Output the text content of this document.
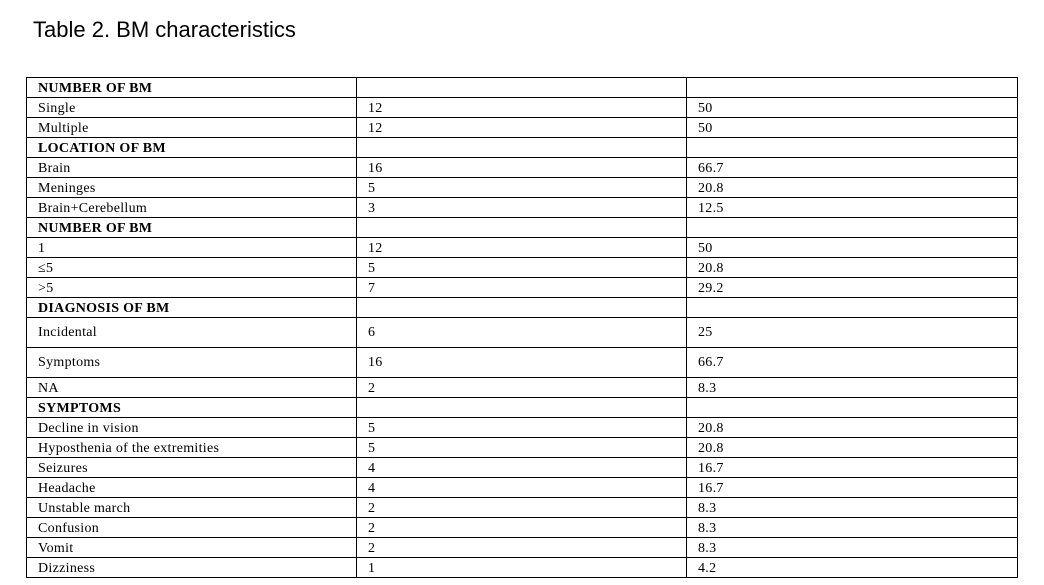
Table 2. BM characteristics
NUMBER OF BM		
Single	12	50
Multiple	12	50
LOCATION OF BM		
Brain	16	66.7
Meninges	5	20.8
Brain+Cerebellum	3	12.5
NUMBER OF BM		
1	12	50
≤5	5	20.8
>5	7	29.2
DIAGNOSIS OF BM		
Incidental	6	25
Symptoms	16	66.7
NA	2	8.3
SYMPTOMS		
Decline in vision	5	20.8
Hyposthenia of the extremities	5	20.8
Seizures	4	16.7
Headache	4	16.7
Unstable march	2	8.3
Confusion	2	8.3
Vomit	2	8.3
Dizziness	1	4.2
